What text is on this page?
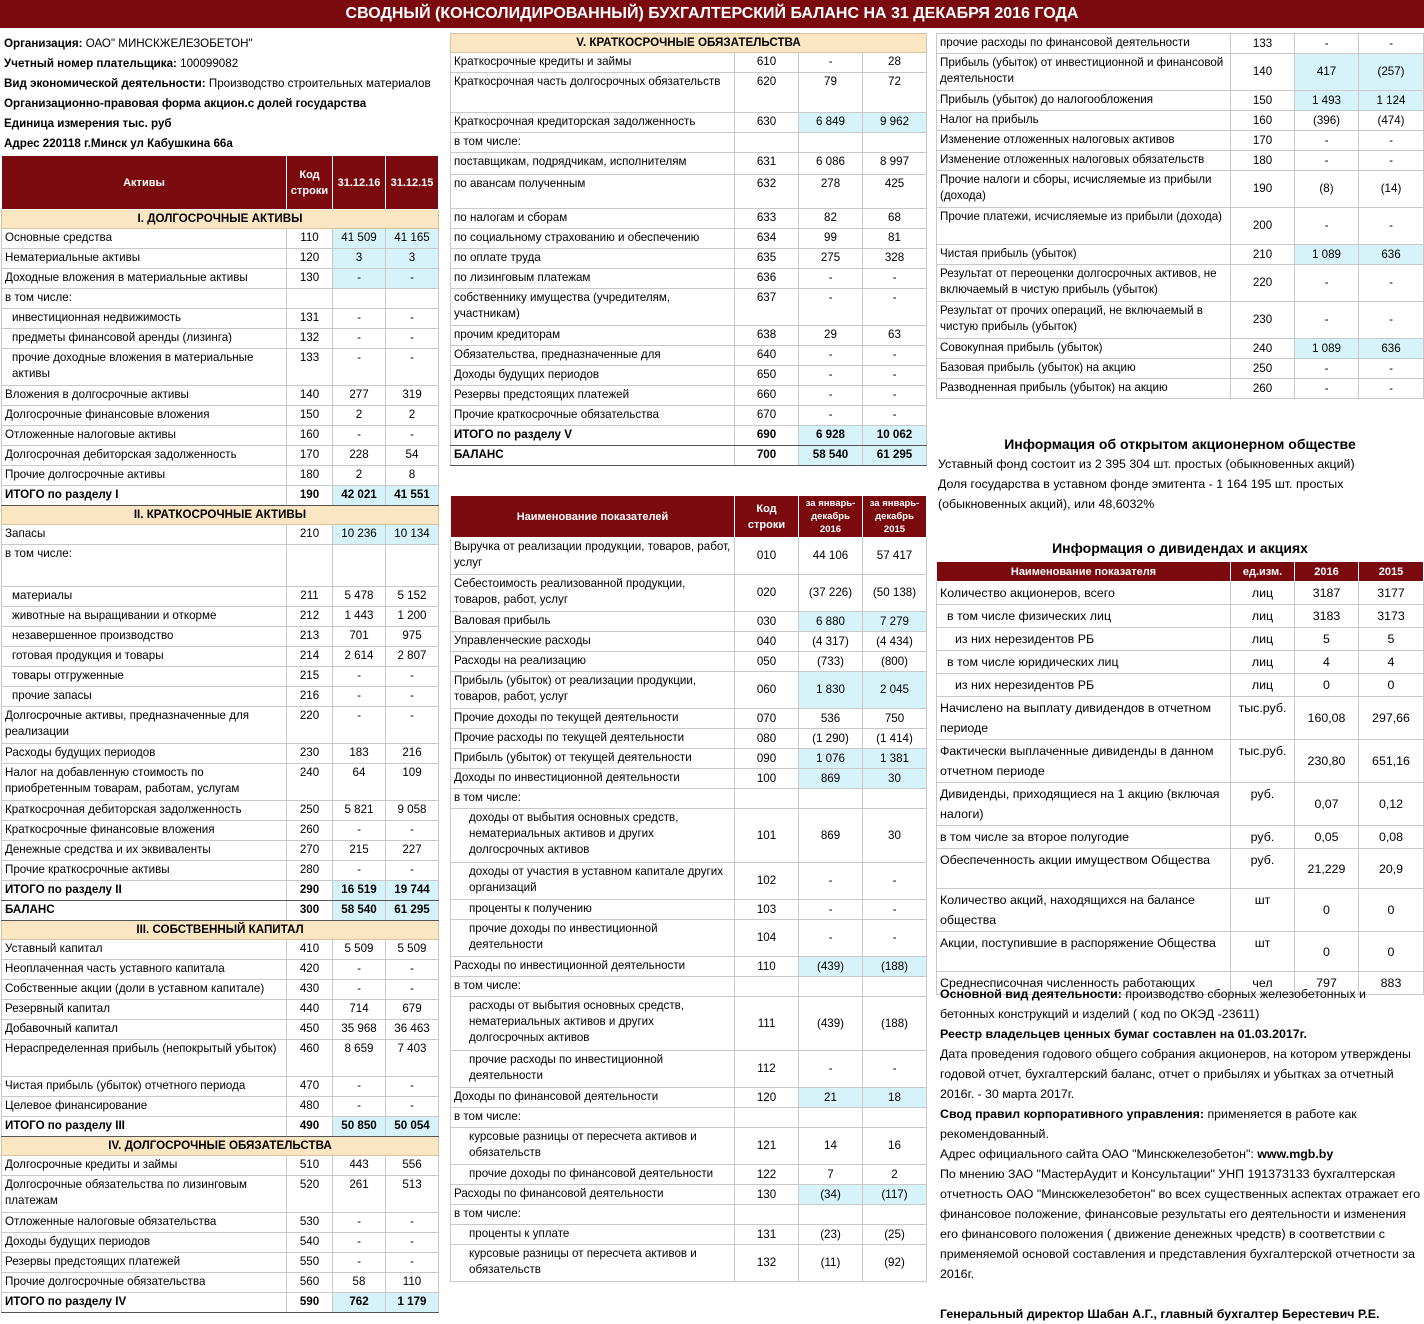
СВОДНЫЙ (КОНСОЛИДИРОВАННЫЙ) БУХГАЛТЕРСКИЙ БАЛАНС НА 31 ДЕКАБРЯ 2016 ГОДА
Организация: ОАО" МИНСКЖЕЛЕЗОБЕТОН"
Учетный номер плательщика: 100099082
Вид экономической деятельности: Производство строительных материалов
Организационно-правовая форма акцион.с долей государства
Единица измерения тыс. руб
Адрес 220118 г.Минск ул Кабушкина 66а
Активы	Код строки	31.12.16	31.12.15
I. ДОЛГОСРОЧНЫЕ АКТИВЫ			
Основные средства	110	41 509	41 165
Нематериальные активы	120	3	3
Доходные вложения в материальные активы	130	-	-
в том числе:			
инвестиционная недвижимость	131	-	-
предметы финансовой аренды (лизинга)	132	-	-
прочие доходные вложения в материальные активы	133	-	-
Вложения в долгосрочные активы	140	277	319
Долгосрочные финансовые вложения	150	2	2
Отложенные налоговые активы	160	-	-
Долгосрочная дебиторская задолженность	170	228	54
Прочие долгосрочные активы	180	2	8
ИТОГО по разделу I	190	42 021	41 551
II. КРАТКОСРОЧНЫЕ АКТИВЫ			
Запасы	210	10 236	10 134
в том числе:			
материалы	211	5 478	5 152
животные на выращивании и откорме	212	1 443	1 200
незавершенное производство	213	701	975
готовая продукция и товары	214	2 614	2 807
товары отгруженные	215	-	-
прочие запасы	216	-	-
Долгосрочные активы, предназначенные для реализации	220	-	-
Расходы будущих периодов	230	183	216
Налог на добавленную стоимость по приобретенным товарам, работам, услугам	240	64	109
Краткосрочная дебиторская задолженность	250	5 821	9 058
Краткосрочные финансовые вложения	260	-	-
Денежные средства и их эквиваленты	270	215	227
Прочие краткосрочные активы	280	-	-
ИТОГО по разделу II	290	16 519	19 744
БАЛАНС	300	58 540	61 295
III. СОБСТВЕННЫЙ КАПИТАЛ			
Уставный капитал	410	5 509	5 509
Неоплаченная часть уставного капитала	420	-	-
Собственные акции (доли в уставном капитале)	430	-	-
Резервный капитал	440	714	679
Добавочный капитал	450	35 968	36 463
Нераспределенная прибыль (непокрытый убыток)	460	8 659	7 403
Чистая прибыль (убыток) отчетного периода	470	-	-
Целевое финансирование	480	-	-
ИТОГО по разделу III	490	50 850	50 054
IV. ДОЛГОСРОЧНЫЕ ОБЯЗАТЕЛЬСТВА			
Долгосрочные кредиты и займы	510	443	556
Долгосрочные обязательства по лизинговым платежам	520	261	513
Отложенные налоговые обязательства	530	-	-
Доходы будущих периодов	540	-	-
Резервы предстоящих платежей	550	-	-
Прочие долгосрочные обязательства	560	58	110
ИТОГО по разделу IV	590	762	1 179
V. КРАТКОСРОЧНЫЕ ОБЯЗАТЕЛЬСТВА			
Краткосрочные кредиты и займы	610	-	28
Краткосрочная часть долгосрочных обязательств	620	79	72
Краткосрочная кредиторская задолженность	630	6 849	9 962
в том числе:			
поставщикам, подрядчикам, исполнителям	631	6 086	8 997
по авансам полученным	632	278	425
по налогам и сборам	633	82	68
по социальному страхованию и обеспечению	634	99	81
по оплате труда	635	275	328
по лизинговым платежам	636	-	-
собственнику имущества (учредителям, участникам)	637	-	-
прочим кредиторам	638	29	63
Обязательства, предназначенные для	640	-	-
Доходы будущих периодов	650	-	-
Резервы предстоящих платежей	660	-	-
Прочие краткосрочные обязательства	670	-	-
ИТОГО по разделу V	690	6 928	10 062
БАЛАНС	700	58 540	61 295
Наименование показателей	Код строки	за январь-декабрь 2016	за январь-декабрь 2015
Выручка от реализации продукции, товаров, работ, услуг	010	44 106	57 417
Себестоимость реализованной продукции, товаров, работ, услуг	020	(37 226)	(50 138)
Валовая прибыль	030	6 880	7 279
Управленческие расходы	040	(4 317)	(4 434)
Расходы на реализацию	050	(733)	(800)
Прибыль (убыток) от реализации продукции, товаров, работ, услуг	060	1 830	2 045
Прочие доходы по текущей деятельности	070	536	750
Прочие расходы по текущей деятельности	080	(1 290)	(1 414)
Прибыль (убыток) от текущей деятельности	090	1 076	1 381
Доходы по инвестиционной деятельности	100	869	30
в том числе:			
доходы от выбытия основных средств, нематериальных активов и других долгосрочных активов	101	869	30
доходы от участия в уставном капитале других организаций	102	-	-
проценты к получению	103	-	-
прочие доходы по инвестиционной деятельности	104	-	-
Расходы по инвестиционной деятельности	110	(439)	(188)
в том числе:			
расходы от выбытия основных средств, нематериальных активов и других долгосрочных активов	111	(439)	(188)
прочие расходы по инвестиционной деятельности	112	-	-
Доходы по финансовой деятельности	120	21	18
в том числе:			
курсовые разницы от пересчета активов и обязательств	121	14	16
прочие доходы по финансовой деятельности	122	7	2
Расходы по финансовой деятельности	130	(34)	(117)
в том числе:			
проценты к уплате	131	(23)	(25)
курсовые разницы от пересчета активов и обязательств	132	(11)	(92)
прочие расходы по финансовой деятельности	133	-	-
Прибыль (убыток) от инвестиционной и финансовой деятельности	140	417	(257)
Прибыль (убыток) до налогообложения	150	1 493	1 124
Налог на прибыль	160	(396)	(474)
Изменение отложенных налоговых активов	170	-	-
Изменение отложенных налоговых обязательств	180	-	-
Прочие налоги и сборы, исчисляемые из прибыли (дохода)	190	(8)	(14)
Прочие платежи, исчисляемые из прибыли (дохода)	200	-	-
Чистая прибыль (убыток)	210	1 089	636
Результат от переоценки долгосрочных активов, не включаемый в чистую прибыль (убыток)	220	-	-
Результат от прочих операций, не включаемый в чистую прибыль (убыток)	230	-	-
Совокупная прибыль (убыток)	240	1 089	636
Базовая прибыль (убыток) на акцию	250	-	-
Разводненная прибыль (убыток) на акцию	260	-	-
Информация об открытом акционерном обществе
Уставный фонд состоит из 2 395 304 шт. простых (обыкновенных акций)
Доля государства в уставном фонде эмитента - 1 164 195 шт. простых
(обыкновенных акций), или 48,6032%
Информация о дивидендах и акциях
Наименование показателя	ед.изм.	2016	2015
Количество акционеров, всего	лиц	3187	3177
в том числе физических лиц	лиц	3183	3173
из них нерезидентов РБ	лиц	5	5
в том числе юридических лиц	лиц	4	4
из них нерезидентов РБ	лиц	0	0
Начислено на выплату дивидендов в отчетном периоде	тыс.руб.	160,08	297,66
Фактически выплаченные дивиденды в данном отчетном периоде	тыс.руб.	230,80	651,16
Дивиденды, приходящиеся на 1 акцию (включая налоги)	руб.	0,07	0,12
в том числе за второе полугодие	руб.	0,05	0,08
Обеспеченность акции имуществом Общества	руб.	21,229	20,9
Количество акций, находящихся на балансе общества	шт	0	0
Акции, поступившие в распоряжение Общества	шт	0	0
Среднесписочная численность работающих	чел	797	883
Основной вид деятельности: производство сборных железобетонных и бетонных конструкций и изделий ( код по ОКЭД -23611)
Реестр владельцев ценных бумаг составлен на 01.03.2017г.
Дата проведения годового общего собрания акционеров, на котором утверждены годовой отчет, бухгалтерский баланс, отчет о прибылях и убытках за отчетный 2016г. - 30 марта 2017г.
Свод правил корпоративного управления: применяется в работе как рекомендованный.
Адрес официального сайта ОАО "Минскжелезобетон": www.mgb.by
По мнению ЗАО "МастерАудит и Консультации" УНП 191373133 бухгалтерская отчетность ОАО "Минскжелезобетон" во всех существенных аспектах отражает его финансовое положение, финансовые результаты его деятельности и изменения его финансового положения ( движение денежных чредств) в соответствии с применяемой основой составления и представления бухгалтерской отчетности за 2016г.
Генеральный директор Шабан А.Г., главный бухгалтер Берестевич Р.Е.
